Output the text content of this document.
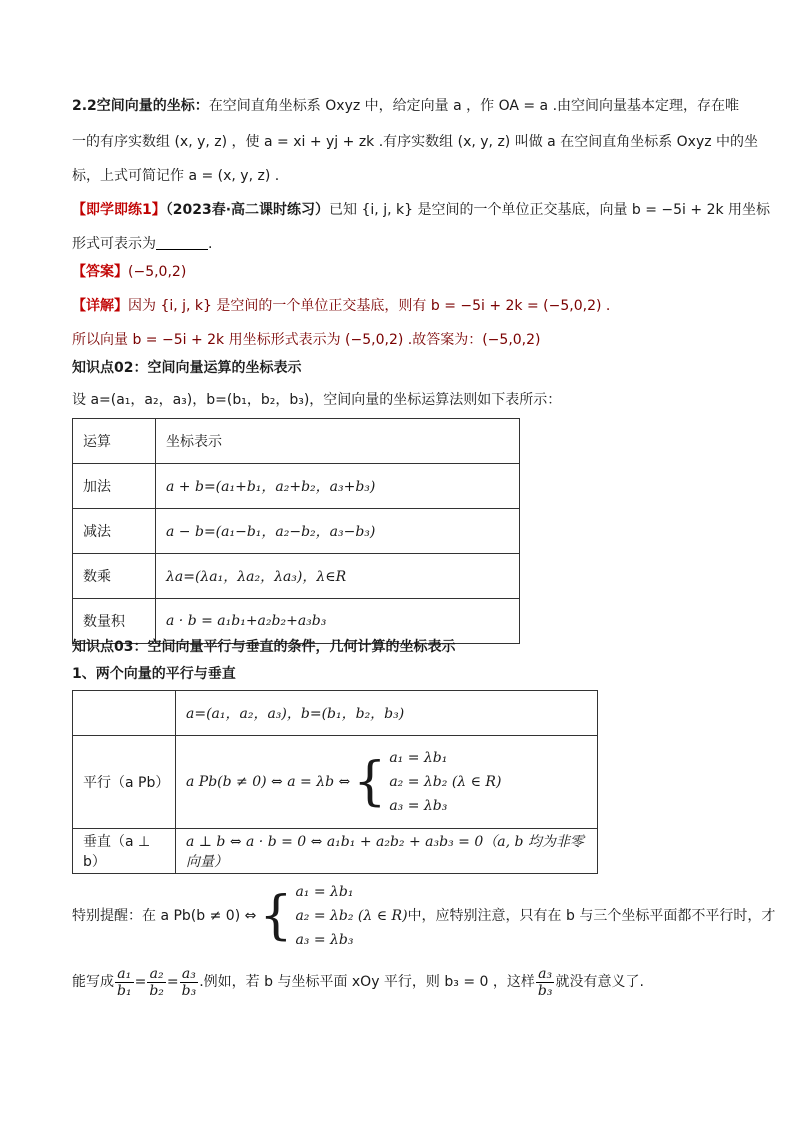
2.2空间向量的坐标：在空间直角坐标系 Oxyz 中，给定向量 a ，作 OA = a .由空间向量基本定理，存在唯
一的有序实数组 (x, y, z) ，使 a = xi + yj + zk .有序实数组 (x, y, z) 叫做 a 在空间直角坐标系 Oxyz 中的坐
标，上式可简记作 a = (x, y, z) .
【即学即练1】（2023春·高二课时练习）已知 {i, j, k} 是空间的一个单位正交基底，向量 b = −5i + 2k 用坐标
形式可表示为	.
【答案】(−5,0,2)
【详解】因为 {i, j, k} 是空间的一个单位正交基底，则有 b = −5i + 2k = (−5,0,2) .
所以向量 b = −5i + 2k 用坐标形式表示为 (−5,0,2) .故答案为：(−5,0,2)
知识点02：空间向量运算的坐标表示
设 a=(a₁，a₂，a₃)，b=(b₁，b₂，b₃)，空间向量的坐标运算法则如下表所示：
运算	坐标表示
加法	a + b=(a₁+b₁，a₂+b₂，a₃+b₃)
减法	a − b=(a₁−b₁，a₂−b₂，a₃−b₃)
数乘	λa=(λa₁，λa₂，λa₃)，λ∈R
数量积	a · b = a₁b₁+a₂b₂+a₃b₃
知识点03：空间向量平行与垂直的条件，几何计算的坐标表示
1、两个向量的平行与垂直
	a=(a₁，a₂，a₃)，b=(b₁，b₂，b₃)
平行（a Pb）	a Pb(b ≠ 0) ⇔ a = λb ⇔{ a₁ = λb₁
a₂ = λb₂ (λ ∈ R)
a₃ = λb₃

垂直（a ⊥ b）	a ⊥ b ⇔ a · b = 0 ⇔ a₁b₁ + a₂b₂ + a₃b₃ = 0（a, b 均为非零向量）
特别提醒：在 a Pb(b ≠ 0) ⇔{ a₁ = λb₁
a₂ = λb₂ (λ ∈ R)
a₃ = λb₃
中，应特别注意，只有在 b 与三个坐标平面都不平行时，才
能写成 $\frac{\text{a₁}}{\text{b₁}} = \frac{\text{a₂}}{\text{b₂}} = \frac{\text{a₃}}{\text{b₃}}$ .例如，若 b 与坐标平面 xOy 平行，则 b₃ = 0 ，这样 $\frac{\text{a₃}}{\text{b₃}}$ 就没有意义了.
